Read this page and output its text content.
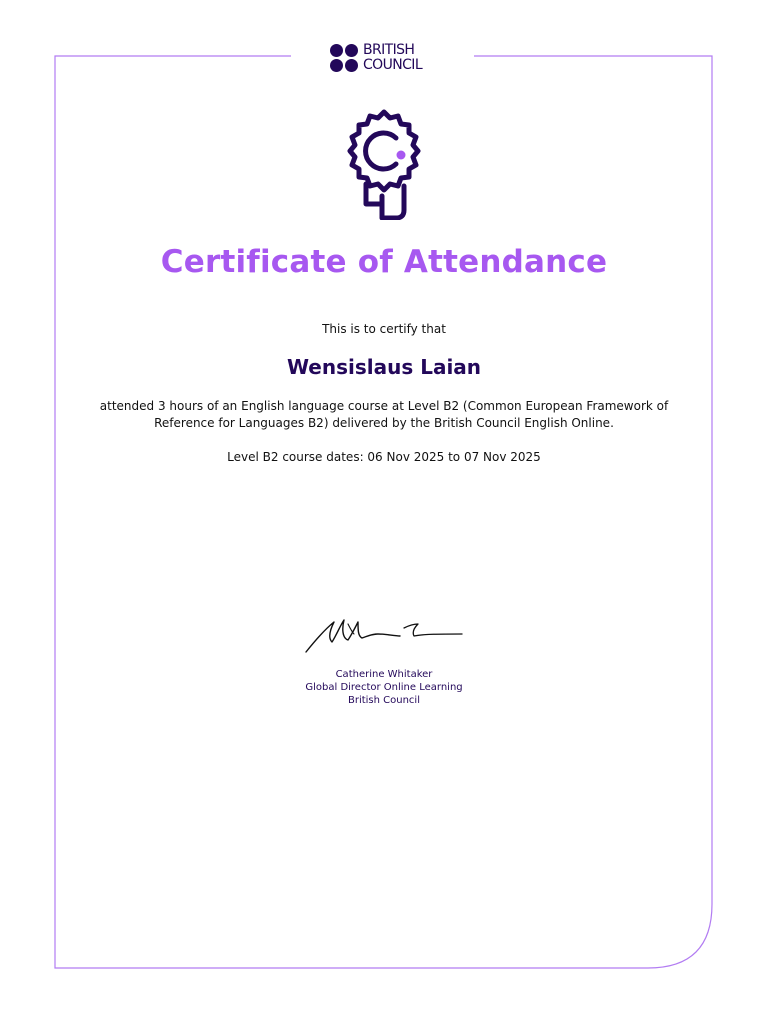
BRITISH
COUNCIL
Certificate of Attendance
This is to certify that
Wensislaus Laian
attended 3 hours of an English language course at Level B2 (Common European Framework of
Reference for Languages B2) delivered by the British Council English Online.
Level B2 course dates: 06 Nov 2025 to 07 Nov 2025
Catherine Whitaker
Global Director Online Learning
British Council
